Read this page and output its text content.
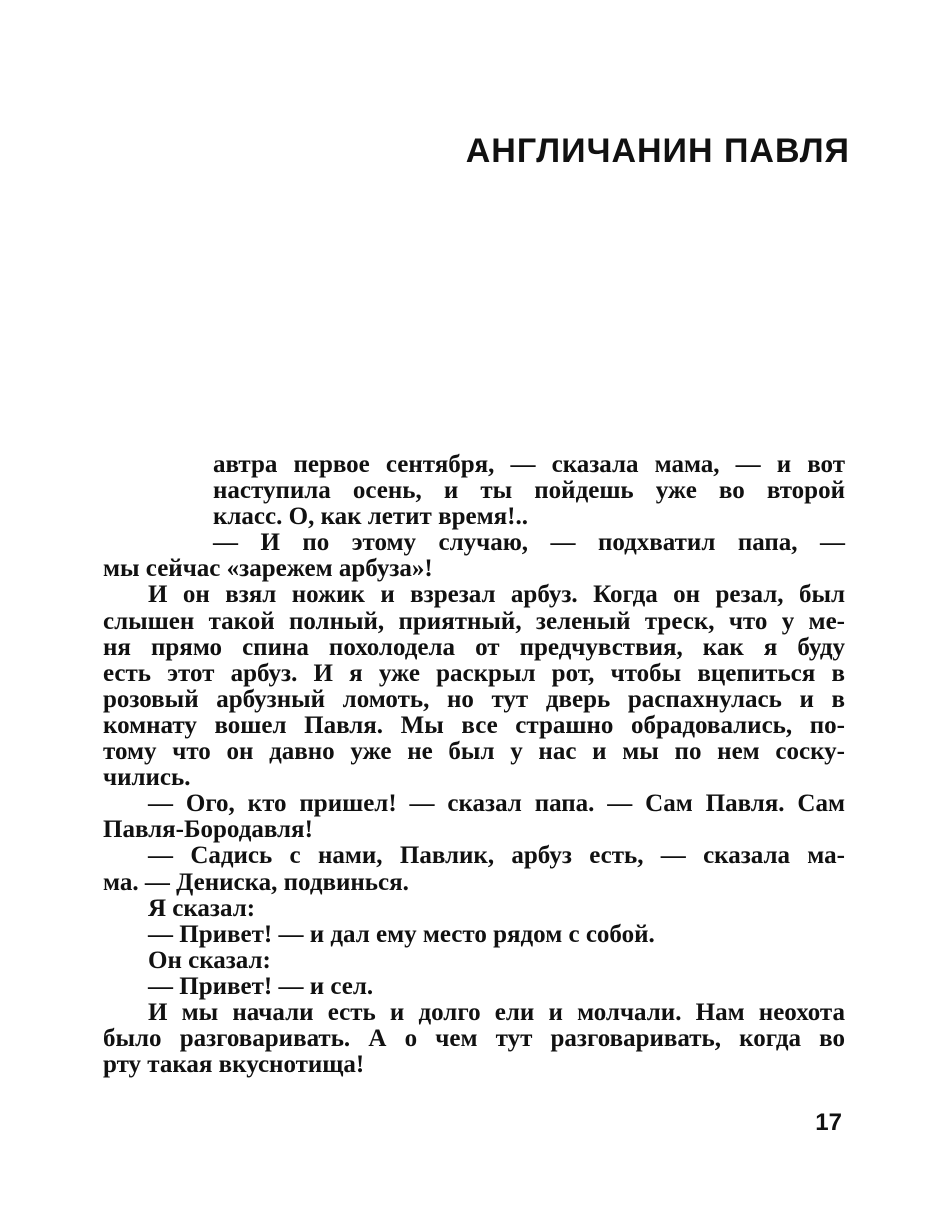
АНГЛИЧАНИН ПАВЛЯ
автра первое сентября, — сказала мама, — и вот
наступила осень, и ты пойдешь уже во второй
класс. О, как летит время!..
— И по этому случаю, — подхватил папа, —
мы сейчас «зарежем арбуза»!
И он взял ножик и взрезал арбуз. Когда он резал, был
слышен такой полный, приятный, зеленый треск, что у ме-
ня прямо спина похолодела от предчувствия, как я буду
есть этот арбуз. И я уже раскрыл рот, чтобы вцепиться в
розовый арбузный ломоть, но тут дверь распахнулась и в
комнату вошел Павля. Мы все страшно обрадовались, по-
тому что он давно уже не был у нас и мы по нем соску-
чились.
— Ого, кто пришел! — сказал папа. — Сам Павля. Сам
Павля-Бородавля!
— Садись с нами, Павлик, арбуз есть, — сказала ма-
ма. — Дениска, подвинься.
Я сказал:
— Привет! — и дал ему место рядом с собой.
Он сказал:
— Привет! — и сел.
И мы начали есть и долго ели и молчали. Нам неохота
было разговаривать. А о чем тут разговаривать, когда во
рту такая вкуснотища!
17
